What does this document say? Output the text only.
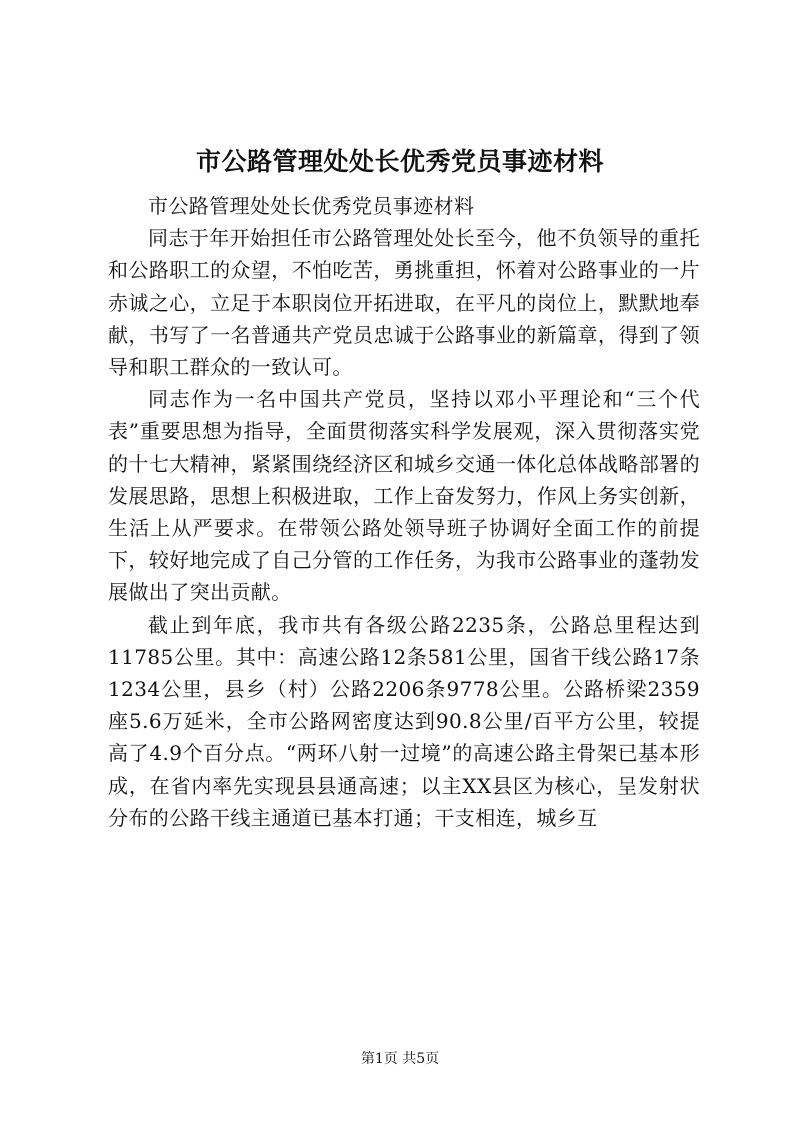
市公路管理处处长优秀党员事迹材料

市公路管理处处长优秀党员事迹材料

同志于年开始担任市公路管理处处长至今，他不负领导的重托和公路职工的众望，不怕吃苦，勇挑重担，怀着对公路事业的一片赤诚之心，立足于本职岗位开拓进取，在平凡的岗位上，默默地奉献，书写了一名普通共产党员忠诚于公路事业的新篇章，得到了领导和职工群众的一致认可。

同志作为一名中国共产党员，坚持以邓小平理论和“三个代表”重要思想为指导，全面贯彻落实科学发展观，深入贯彻落实党的十七大精神，紧紧围绕经济区和城乡交通一体化总体战略部署的发展思路，思想上积极进取，工作上奋发努力，作风上务实创新，生活上从严要求。在带领公路处领导班子协调好全面工作的前提下，较好地完成了自己分管的工作任务，为我市公路事业的蓬勃发展做出了突出贡献。

截止到年底，我市共有各级公路2235条，公路总里程达到11785公里。其中：高速公路12条581公里，国省干线公路17条1234公里，县乡（村）公路2206条9778公里。公路桥梁2359座5.6万延米，全市公路网密度达到90.8公里/百平方公里，较提高了4.9个百分点。“两环八射一过境”的高速公路主骨架已基本形成，在省内率先实现县县通高速；以主XX县区为核心，呈发射状分布的公路干线主通道已基本打通；干支相连，城乡互

第1页 共5页
